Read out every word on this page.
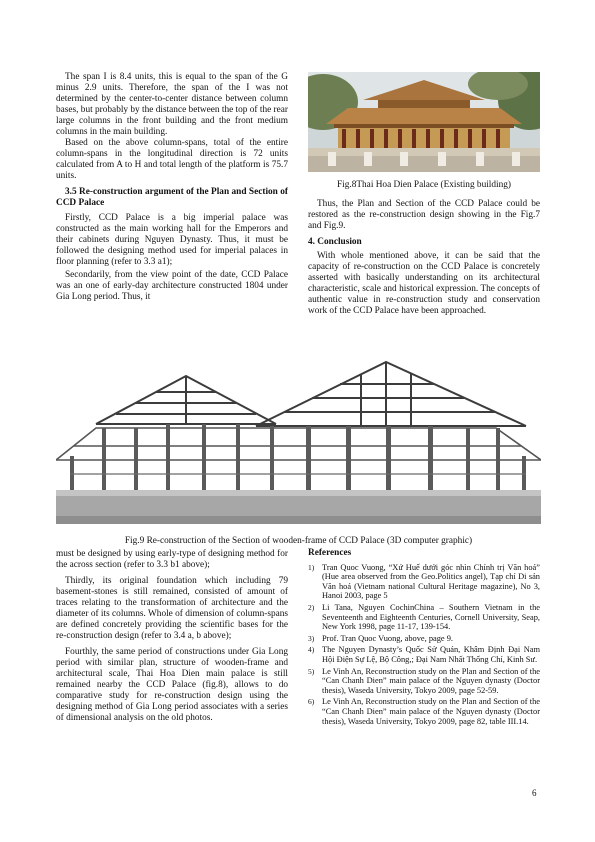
The span I is 8.4 units, this is equal to the span of the G minus 2.9 units. Therefore, the span of the I was not determined by the center-to-center distance between column bases, but probably by the distance between the top of the rear large columns in the front building and the front medium columns in the main building.

Based on the above column-spans, total of the entire column-spans in the longitudinal direction is 72 units calculated from A to H and total length of the platform is 75.7 units.

3.5 Re-construction argument of the Plan and Section of CCD Palace

Firstly, CCD Palace is a big imperial palace was constructed as the main working hall for the Emperors and their cabinets during Nguyen Dynasty. Thus, it must be followed the designing method used for imperial palaces in floor planning (refer to 3.3 a1);

Secondarily, from the view point of the date, CCD Palace was an one of early-day architecture constructed 1804 under Gia Long period. Thus, it

Fig.8Thai Hoa Dien Palace (Existing building)

Thus, the Plan and Section of the CCD Palace could be restored as the re-construction design showing in the Fig.7 and Fig.9.

4. Conclusion

With whole mentioned above, it can be said that the capacity of re-construction on the CCD Palace is concretely asserted with basically understanding on its architectural characteristic, scale and historical expression. The concepts of authentic value in re-construction study and conservation work of the CCD Palace have been approached.

Fig.9 Re-construction of the Section of wooden-frame of CCD Palace (3D computer graphic)

must be designed by using early-type of designing method for the across section (refer to 3.3 b1 above);

Thirdly, its original foundation which including 79 basement-stones is still remained, consisted of amount of traces relating to the transformation of architecture and the diameter of its columns. Whole of dimension of column-spans are defined concretely providing the scientific bases for the re-construction design (refer to 3.4 a, b above);

Fourthly, the same period of constructions under Gia Long period with similar plan, structure of wooden-frame and architectural scale, Thai Hoa Dien main palace is still remained nearby the CCD Palace (fig.8), allows to do comparative study for re-construction design using the designing method of Gia Long period associates with a series of dimensional analysis on the old photos.

References
1) Tran Quoc Vuong, “Xứ Huế dưới góc nhìn Chính trị Văn hoá” (Hue area observed from the Geo.Politics angel), Tạp chí Di sản Văn hoá (Vietnam national Cultural Heritage magazine), No 3, Hanoi 2003, page 5
2) Li Tana, Nguyen CochinChina – Southern Vietnam in the Seventeenth and Eighteenth Centuries, Cornell University, Seap, New York 1998, page 11-17, 139-154.
3) Prof. Tran Quoc Vuong, above, page 9.
4) The Nguyen Dynasty’s Quốc Sử Quán, Khâm Định Đại Nam Hội Điện Sự Lệ, Bộ Công,; Đại Nam Nhất Thống Chí, Kinh Sư.
5) Le Vinh An, Reconstruction study on the Plan and Section of the “Can Chanh Dien” main palace of the Nguyen dynasty (Doctor thesis), Waseda University, Tokyo 2009, page 52-59.
6) Le Vinh An, Reconstruction study on the Plan and Section of the “Can Chanh Dien” main palace of the Nguyen dynasty (Doctor thesis), Waseda University, Tokyo 2009, page 82, table III.14.
6
